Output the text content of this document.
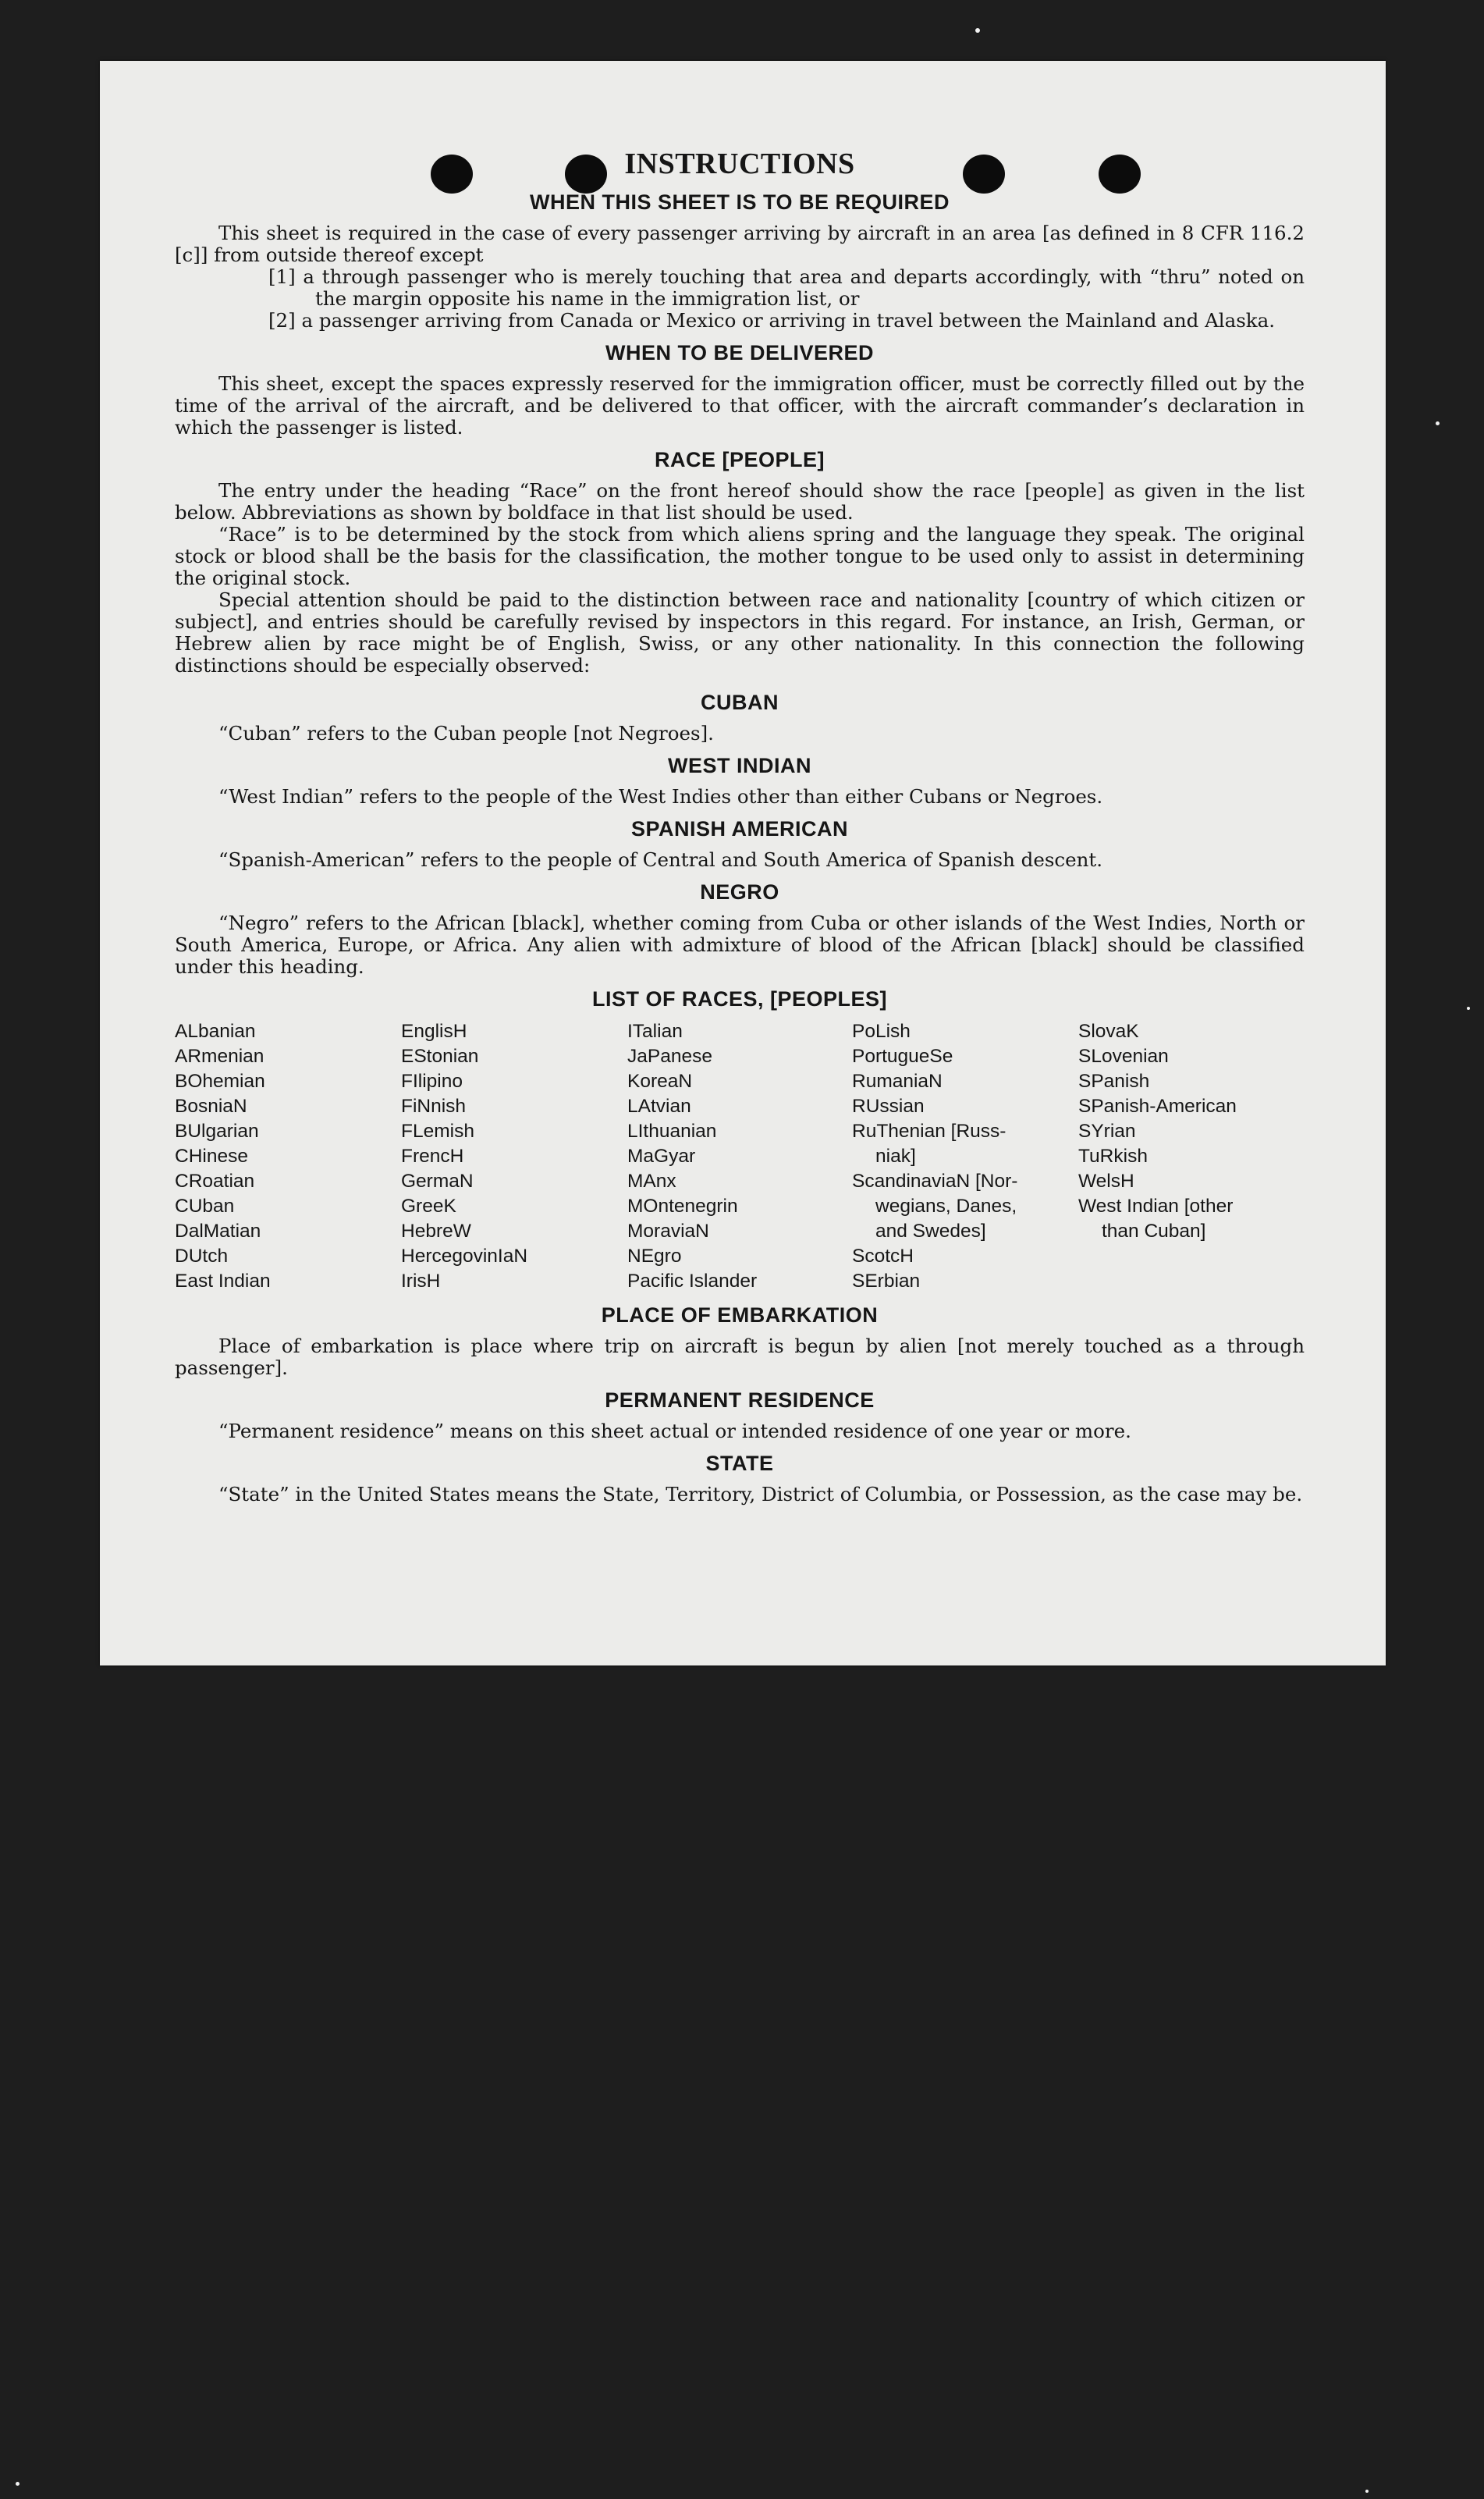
INSTRUCTIONS
WHEN THIS SHEET IS TO BE REQUIRED

This sheet is required in the case of every passenger arriving by aircraft in an area [as defined in 8 CFR 116.2 [c]] from outside thereof except

[1] a through passenger who is merely touching that area and departs accordingly, with “thru” noted on the margin opposite his name in the immigration list, or

[2] a passenger arriving from Canada or Mexico or arriving in travel between the Mainland and Alaska.

WHEN TO BE DELIVERED

This sheet, except the spaces expressly reserved for the immigration officer, must be correctly filled out by the time of the arrival of the aircraft, and be delivered to that officer, with the aircraft commander’s declaration in which the passenger is listed.

RACE [PEOPLE]

The entry under the heading “Race” on the front hereof should show the race [people] as given in the list below. Abbreviations as shown by boldface in that list should be used.

“Race” is to be determined by the stock from which aliens spring and the language they speak. The original stock or blood shall be the basis for the classification, the mother tongue to be used only to assist in determining the original stock.

Special attention should be paid to the distinction between race and nationality [country of which citizen or subject], and entries should be carefully revised by inspectors in this regard. For instance, an Irish, German, or Hebrew alien by race might be of English, Swiss, or any other nationality. In this connection the following distinctions should be especially observed:

CUBAN

“Cuban” refers to the Cuban people [not Negroes].

WEST INDIAN

“West Indian” refers to the people of the West Indies other than either Cubans or Negroes.

SPANISH AMERICAN

“Spanish-American” refers to the people of Central and South America of Spanish descent.

NEGRO

“Negro” refers to the African [black], whether coming from Cuba or other islands of the West Indies, North or South America, Europe, or Africa. Any alien with admixture of blood of the African [black] should be classified under this heading.

LIST OF RACES, [PEOPLES]
ALbanian
ARmenian
BOhemian
BosniaN
BUlgarian
CHinese
CRoatian
CUban
DalMatian
DUtch
East Indian
EnglisH
EStonian
FIlipino
FiNnish
FLemish
FrencH
GermaN
GreeK
HebreW
HercegovinIaN
IrisH
ITalian
JaPanese
KoreaN
LAtvian
LIthuanian
MaGyar
MAnx
MOntenegrin
MoraviaN
NEgro
Pacific Islander
PoLish
PortugueSe
RumaniaN
RUssian
RuThenian [Russ-
niak]
ScandinaviaN [Nor-
wegians, Danes,
and Swedes]
ScotcH
SErbian
SlovaK
SLovenian
SPanish
SPanish-American
SYrian
TuRkish
WelsH
West Indian [other
than Cuban]
PLACE OF EMBARKATION

Place of embarkation is place where trip on aircraft is begun by alien [not merely touched as a through passenger].

PERMANENT RESIDENCE

“Permanent residence” means on this sheet actual or intended residence of one year or more.

STATE

“State” in the United States means the State, Territory, District of Columbia, or Possession, as the case may be.
